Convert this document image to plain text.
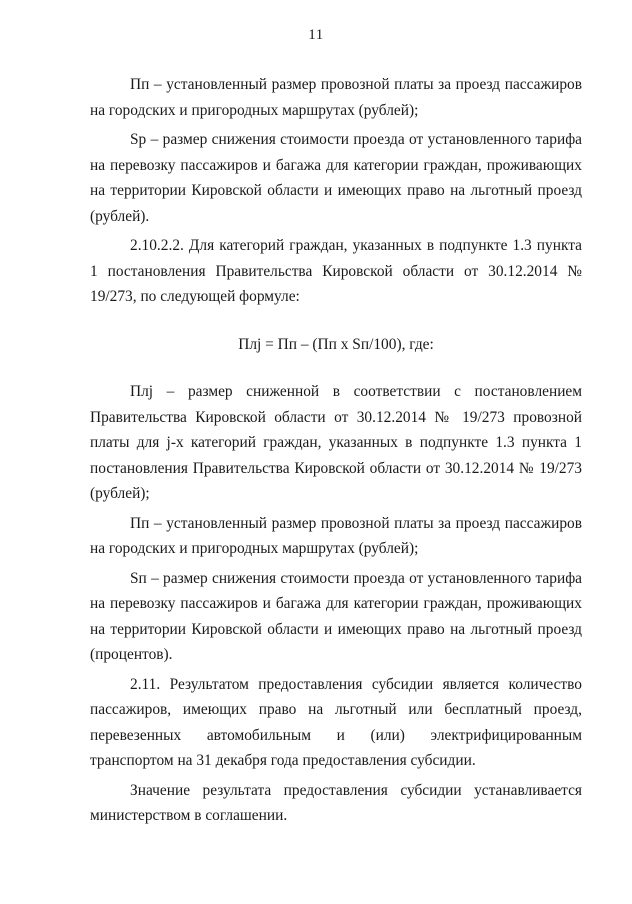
11

Пп – установленный размер провозной платы за проезд пассажиров на городских и пригородных маршрутах (рублей);

Sр – размер снижения стоимости проезда от установленного тарифа на перевозку пассажиров и багажа для категории граждан, проживающих на территории Кировской области и имеющих право на льготный проезд (рублей).

2.10.2.2. Для категорий граждан, указанных в подпункте 1.3 пункта 1 постановления Правительства Кировской области от 30.12.2014 № 19/273, по следующей формуле:

Плj = Пп – (Пп х Sп/100), где:

Плj – размер сниженной в соответствии с постановлением Правительства Кировской области от 30.12.2014 № 19/273 провозной платы для j-х категорий граждан, указанных в подпункте 1.3 пункта 1 постановления Правительства Кировской области от 30.12.2014 № 19/273 (рублей);

Пп – установленный размер провозной платы за проезд пассажиров на городских и пригородных маршрутах (рублей);

Sп – размер снижения стоимости проезда от установленного тарифа на перевозку пассажиров и багажа для категории граждан, проживающих на территории Кировской области и имеющих право на льготный проезд (процентов).

2.11. Результатом предоставления субсидии является количество пассажиров, имеющих право на льготный или бесплатный проезд, перевезенных автомобильным и (или) электрифицированным транспортом на 31 декабря года предоставления субсидии.

Значение результата предоставления субсидии устанавливается министерством в соглашении.
